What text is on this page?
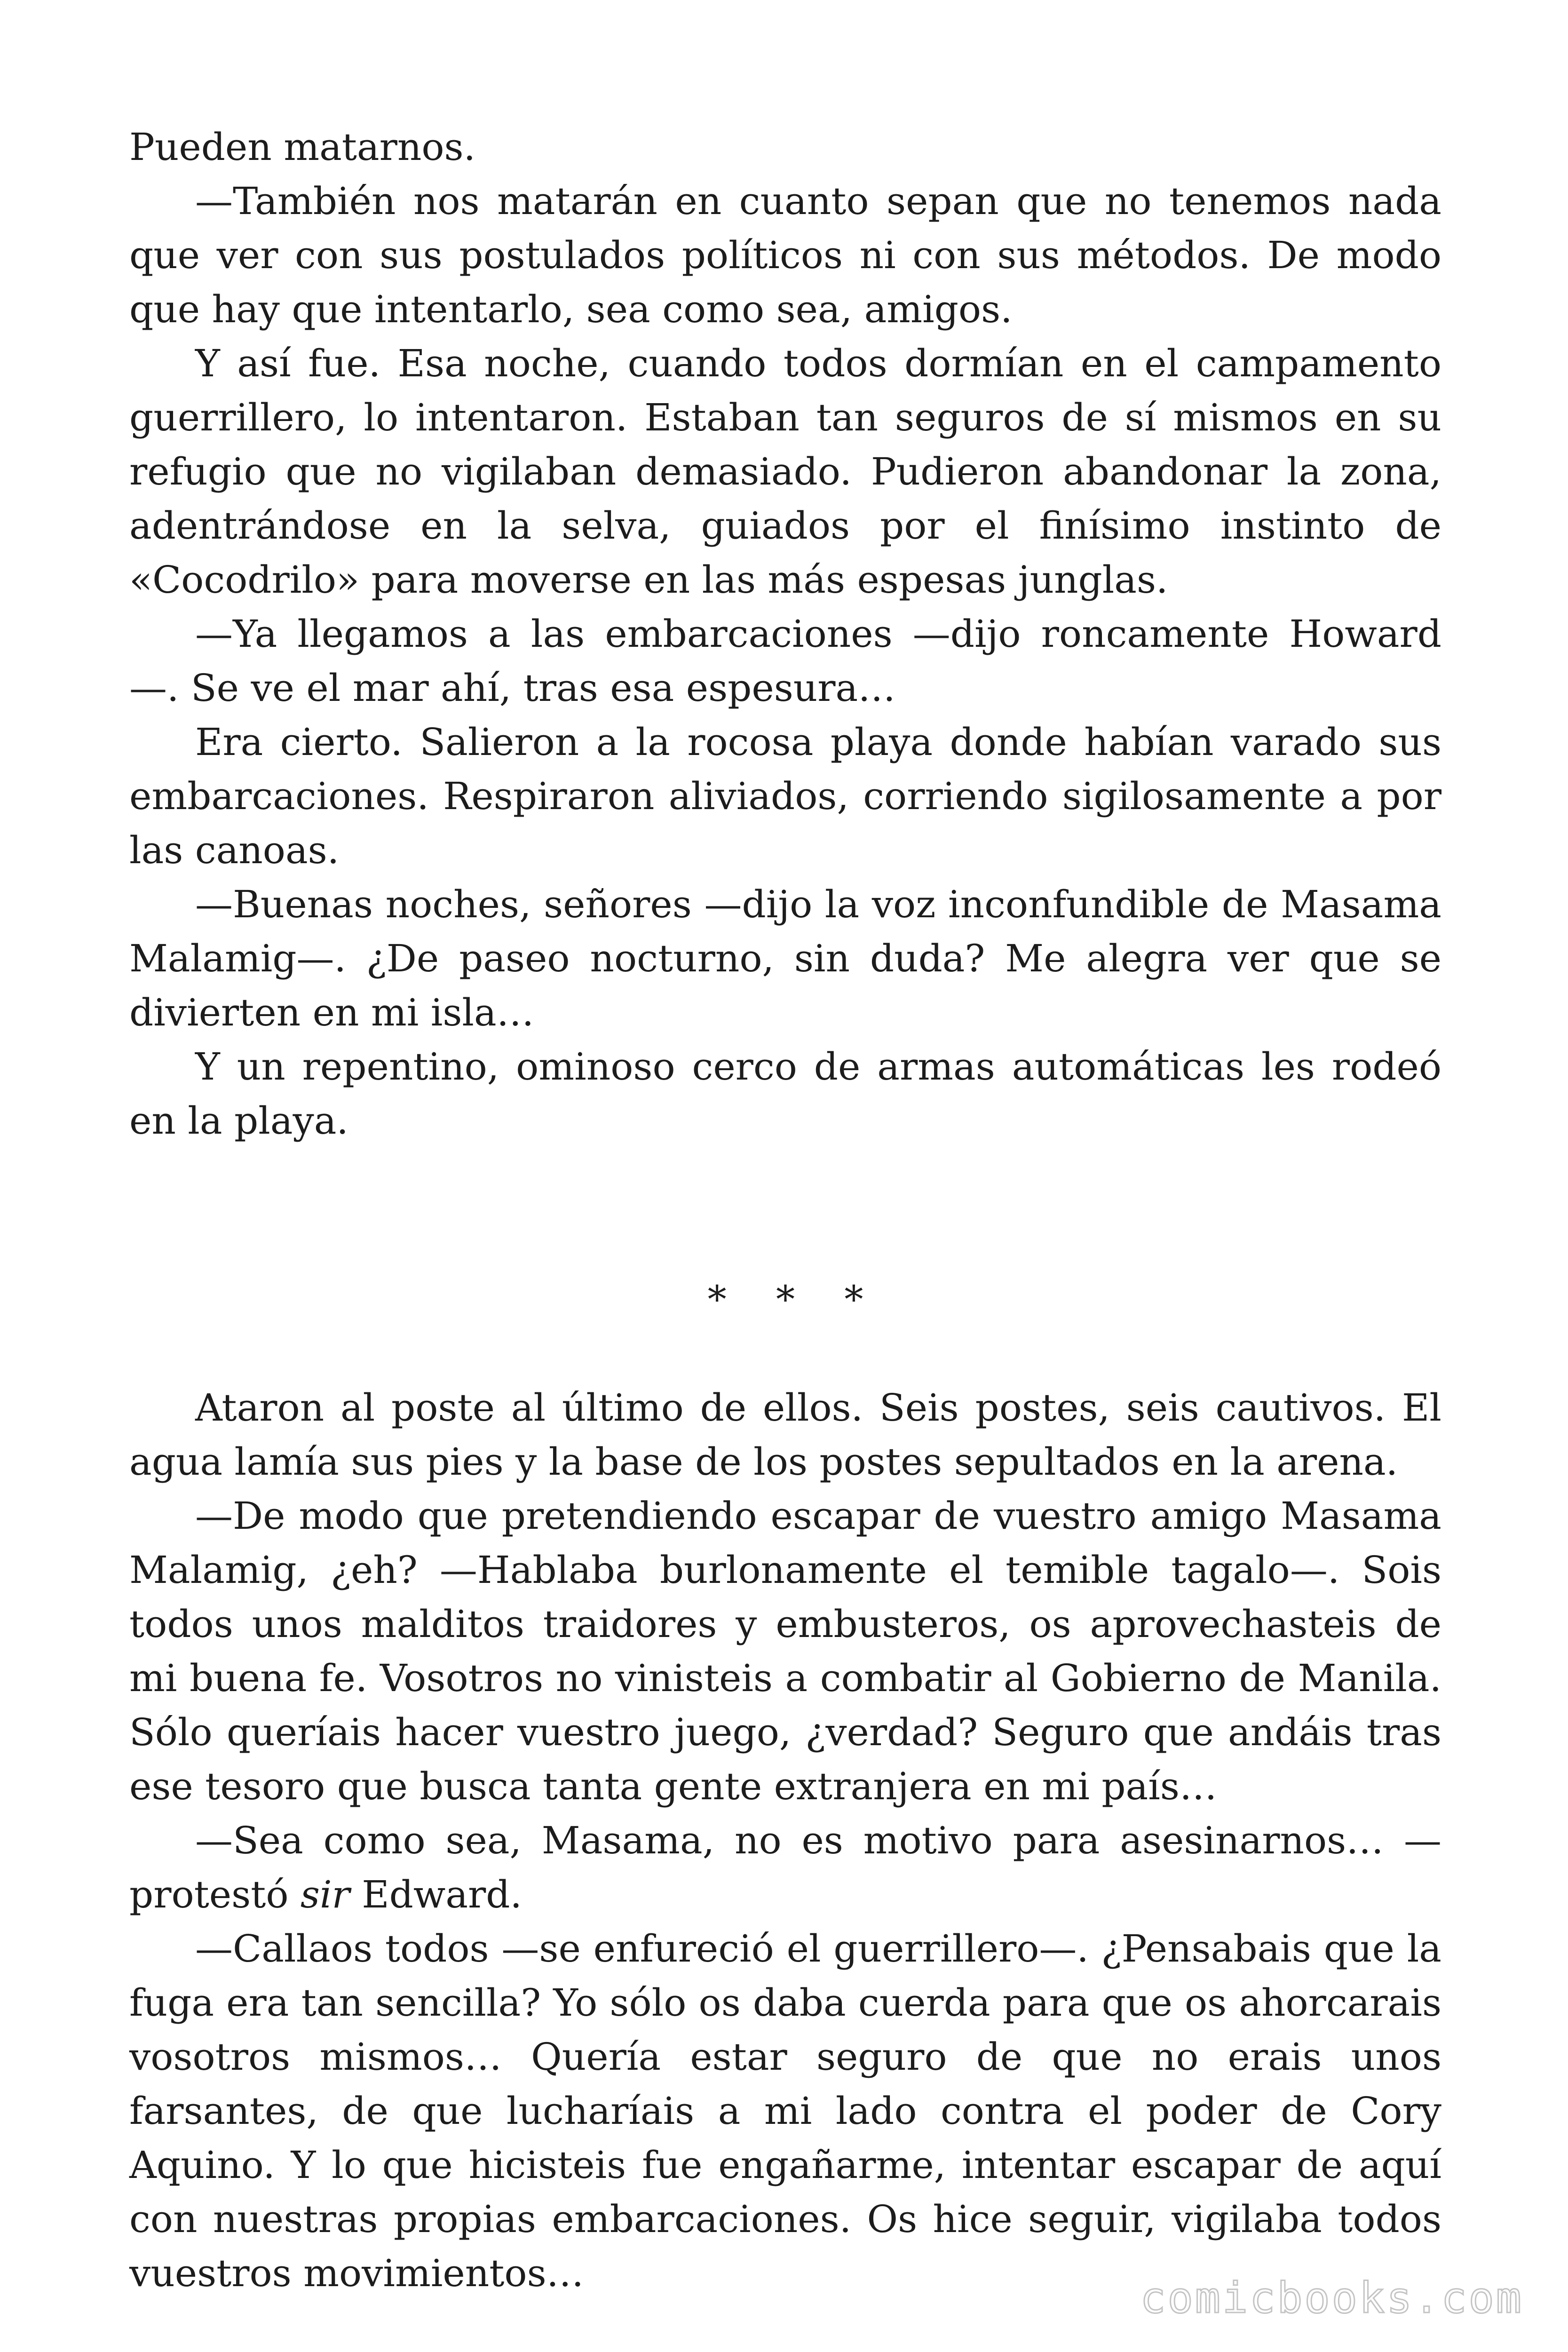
Pueden matarnos.

—También nos matarán en cuanto sepan que no tenemos nada que ver con sus postulados políticos ni con sus métodos. De modo que hay que intentarlo, sea como sea, amigos.

Y así fue. Esa noche, cuando todos dormían en el campamento guerrillero, lo intentaron. Estaban tan seguros de sí mismos en su refugio que no vigilaban demasiado. Pudieron abandonar la zona, adentrándose en la selva, guiados por el finísimo instinto de «Cocodrilo» para moverse en las más espesas junglas.

—Ya llegamos a las embarcaciones —dijo roncamente Howard —. Se ve el mar ahí, tras esa espesura…

Era cierto. Salieron a la rocosa playa donde habían varado sus embarcaciones. Respiraron aliviados, corriendo sigilosamente a por las canoas.

—Buenas noches, señores —dijo la voz inconfundible de Masama Malamig—. ¿De paseo nocturno, sin duda? Me alegra ver que se divierten en mi isla…

Y un repentino, ominoso cerco de armas automáticas les rodeó en la playa.

* * *

Ataron al poste al último de ellos. Seis postes, seis cautivos. El agua lamía sus pies y la base de los postes sepultados en la arena.

—De modo que pretendiendo escapar de vuestro amigo Masama Malamig, ¿eh? —Hablaba burlonamente el temible tagalo—. Sois todos unos malditos traidores y embusteros, os aprovechasteis de mi buena fe. Vosotros no vinisteis a combatir al Gobierno de Manila. Sólo queríais hacer vuestro juego, ¿verdad? Seguro que andáis tras ese tesoro que busca tanta gente extranjera en mi país…

—Sea como sea, Masama, no es motivo para asesinarnos… —protestó sir Edward.

—Callaos todos —se enfureció el guerrillero—. ¿Pensabais que la fuga era tan sencilla? Yo sólo os daba cuerda para que os ahorcarais vosotros mismos… Quería estar seguro de que no erais unos farsantes, de que lucharíais a mi lado contra el poder de Cory Aquino. Y lo que hicisteis fue engañarme, intentar escapar de aquí con nuestras propias embarcaciones. Os hice seguir, vigilaba todos vuestros movimientos…

comicbooks.com
